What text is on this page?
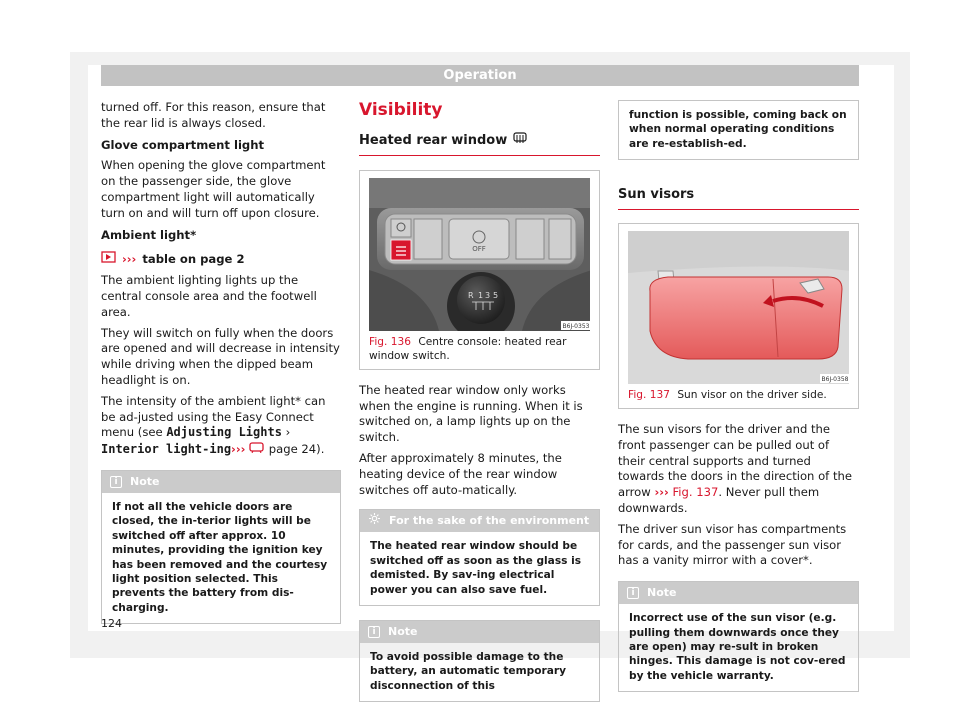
Operation

turned off. For this reason, ensure that the rear lid is always closed.

Glove compartment light

When opening the glove compartment on the passenger side, the glove compartment light will automatically turn on and will turn off upon closure.

Ambient light*

››› table on page 2

The ambient lighting lights up the central console area and the footwell area.

They will switch on fully when the doors are opened and will decrease in intensity while driving when the dipped beam headlight is on.

The intensity of the ambient light* can be ad-justed using the Easy Connect menu (see Adjusting Lights › Interior light-ing›››  page 24).

i	Note
If not all the vehicle doors are closed, the in-terior lights will be switched off after approx. 10 minutes, providing the ignition key has been removed and the courtesy light position selected. This prevents the battery from dis-charging.
Visibility
Heated rear window
OFF
R 1 3 5
B6J-0353
Fig. 136 Centre console: heated rear window switch.

The heated rear window only works when the engine is running. When it is switched on, a lamp lights up on the switch.

After approximately 8 minutes, the heating device of the rear window switches off auto-matically.

For the sake of the environment
The heated rear window should be switched off as soon as the glass is demisted. By sav-ing electrical power you can also save fuel.
i	Note
To avoid possible damage to the battery, an automatic temporary disconnection of this
function is possible, coming back on when normal operating conditions are re-establish-ed.
Sun visors
B6J-0358
Fig. 137 Sun visor on the driver side.

The sun visors for the driver and the front passenger can be pulled out of their central supports and turned towards the doors in the direction of the arrow ››› Fig. 137. Never pull them downwards.

The driver sun visor has compartments for cards, and the passenger sun visor has a vanity mirror with a cover*.

i	Note
Incorrect use of the sun visor (e.g. pulling them downwards once they are open) may re-sult in broken hinges. This damage is not cov-ered by the vehicle warranty.
124
